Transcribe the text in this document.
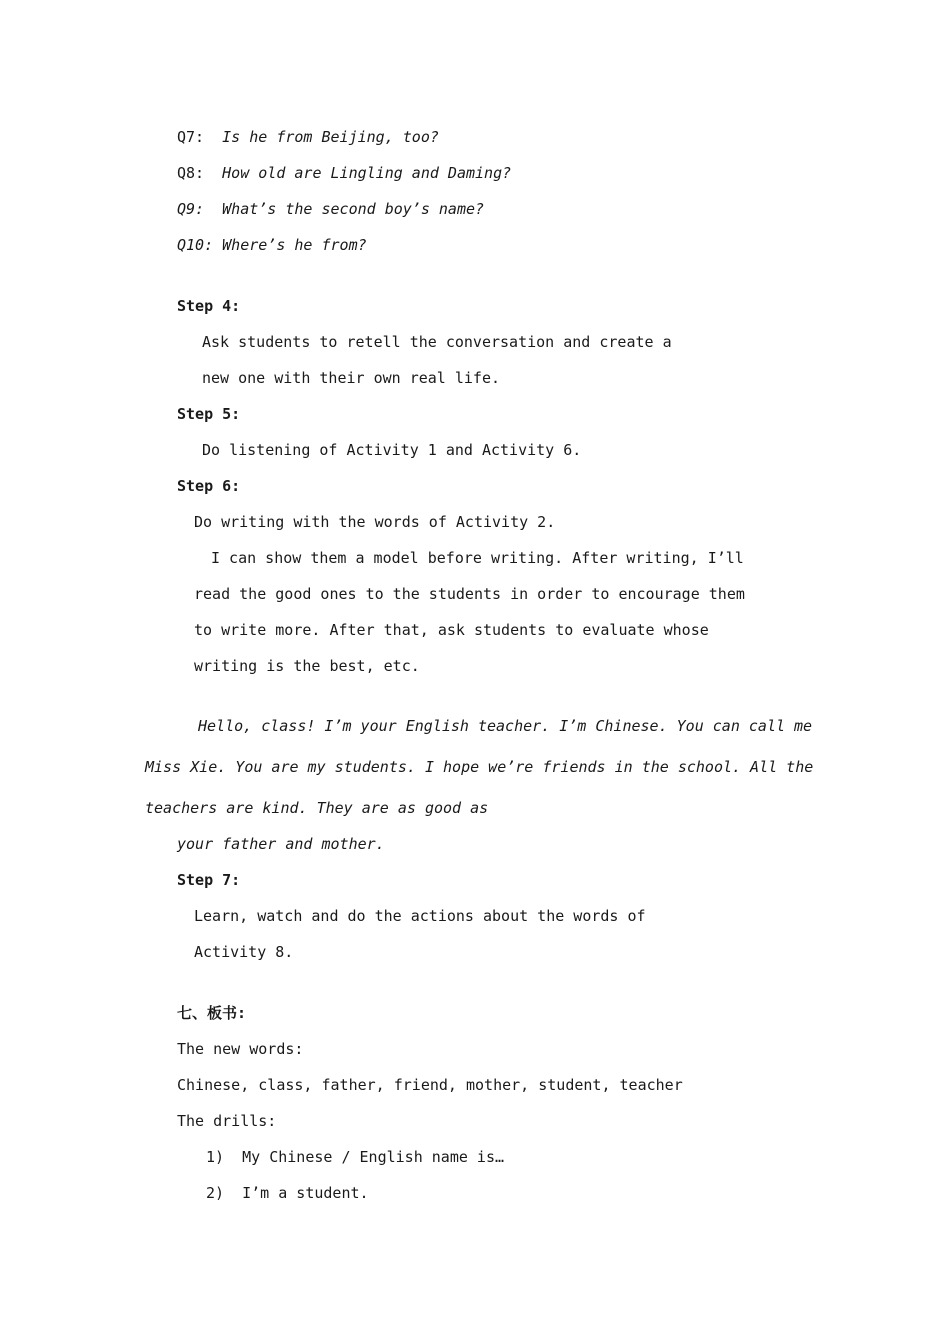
Q7: Is he from Beijing, too?
Q8: How old are Lingling and Daming?
Q9: What’s the second boy’s name?
Q10: Where’s he from?
Step 4:
Ask students to retell the conversation and create a
new one with their own real life.
Step 5:
Do listening of Activity 1 and Activity 6.
Step 6:
Do writing with the words of Activity 2.
I can show them a model before writing. After writing, I’ll
read the good ones to the students in order to encourage them
to write more. After that, ask students to evaluate whose
writing is the best, etc.
Hello, class! I’m your English teacher. I’m Chinese. You can call me
Miss Xie. You are my students. I hope we’re friends in the school. All the
teachers are kind. They are as good as
your father and mother.
Step 7:
Learn, watch and do the actions about the words of
Activity 8.
七、板书:
The new words:
Chinese, class, father, friend, mother, student, teacher
The drills:
1) My Chinese / English name is…
2) I’m a student.
